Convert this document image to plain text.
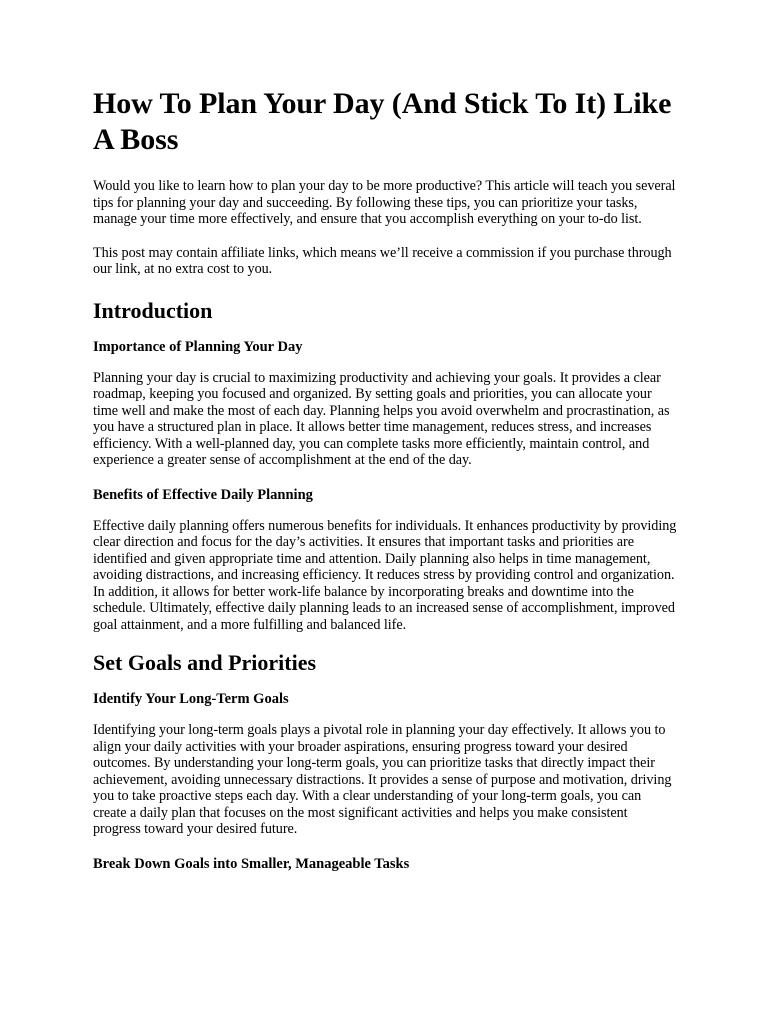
How To Plan Your Day (And Stick To It) Like A Boss

Would you like to learn how to plan your day to be more productive? This article will teach you several tips for planning your day and succeeding. By following these tips, you can prioritize your tasks, manage your time more effectively, and ensure that you accomplish everything on your to-do list.

This post may contain affiliate links, which means we’ll receive a commission if you purchase through our link, at no extra cost to you.

Introduction
Importance of Planning Your Day

Planning your day is crucial to maximizing productivity and achieving your goals. It provides a clear roadmap, keeping you focused and organized. By setting goals and priorities, you can allocate your time well and make the most of each day. Planning helps you avoid overwhelm and procrastination, as you have a structured plan in place. It allows better time management, reduces stress, and increases efficiency. With a well-planned day, you can complete tasks more efficiently, maintain control, and experience a greater sense of accomplishment at the end of the day.

Benefits of Effective Daily Planning

Effective daily planning offers numerous benefits for individuals. It enhances productivity by providing clear direction and focus for the day’s activities. It ensures that important tasks and priorities are identified and given appropriate time and attention. Daily planning also helps in time management, avoiding distractions, and increasing efficiency. It reduces stress by providing control and organization. In addition, it allows for better work-life balance by incorporating breaks and downtime into the schedule. Ultimately, effective daily planning leads to an increased sense of accomplishment, improved goal attainment, and a more fulfilling and balanced life.

Set Goals and Priorities
Identify Your Long-Term Goals

Identifying your long-term goals plays a pivotal role in planning your day effectively. It allows you to align your daily activities with your broader aspirations, ensuring progress toward your desired outcomes. By understanding your long-term goals, you can prioritize tasks that directly impact their achievement, avoiding unnecessary distractions. It provides a sense of purpose and motivation, driving you to take proactive steps each day. With a clear understanding of your long-term goals, you can create a daily plan that focuses on the most significant activities and helps you make consistent progress toward your desired future.

Break Down Goals into Smaller, Manageable Tasks
